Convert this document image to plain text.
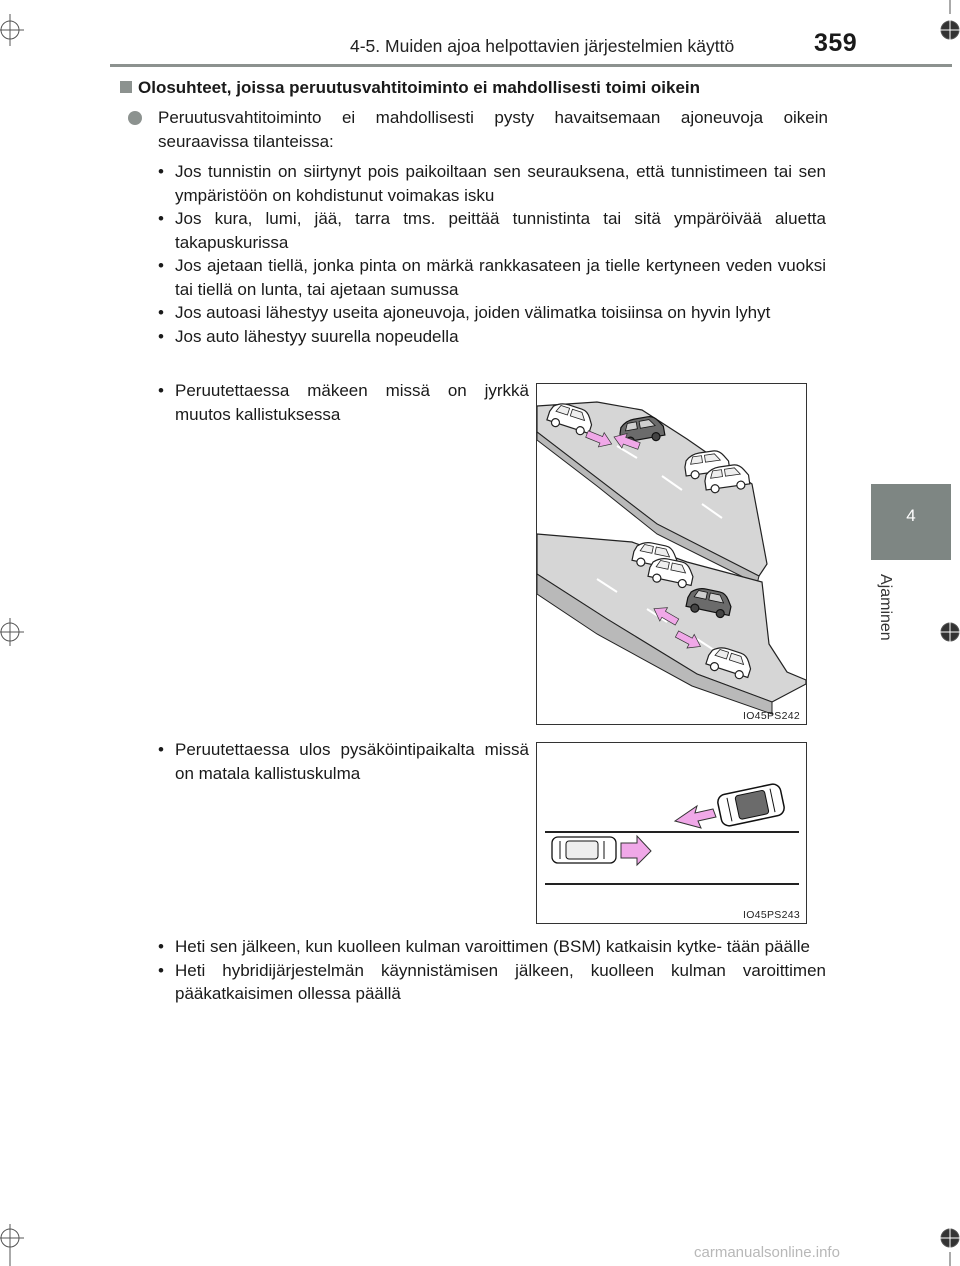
4-5. Muiden ajoa helpottavien järjestelmien käyttö	359
4
Ajaminen
Olosuhteet, joissa peruutusvahtitoiminto ei mahdollisesti toimi oikein
Peruutusvahtitoiminto ei mahdollisesti pysty havaitsemaan ajoneuvoja oikein seuraavissa tilanteissa:
• Jos tunnistin on siirtynyt pois paikoiltaan sen seurauksena, että tunnistimeen tai sen ympäristöön on kohdistunut voimakas isku
• Jos kura, lumi, jää, tarra tms. peittää tunnistinta tai sitä ympäröivää aluetta takapuskurissa
• Jos ajetaan tiellä, jonka pinta on märkä rankkasateen ja tielle kertyneen veden vuoksi tai tiellä on lunta, tai ajetaan sumussa
• Jos autoasi lähestyy useita ajoneuvoja, joiden välimatka toisiinsa on hyvin lyhyt
• Jos auto lähestyy suurella nopeudella
• Peruutettaessa mäkeen missä on jyrkkä muutos kallistuksessa
IO45PS242
• Peruutettaessa ulos pysäköintipaikalta missä on matala kallistuskulma
IO45PS243
• Heti sen jälkeen, kun kuolleen kulman varoittimen (BSM) katkaisin kytke- tään päälle
• Heti hybridijärjestelmän käynnistämisen jälkeen, kuolleen kulman varoittimen pääkatkaisimen ollessa päällä
carmanualsonline.info
